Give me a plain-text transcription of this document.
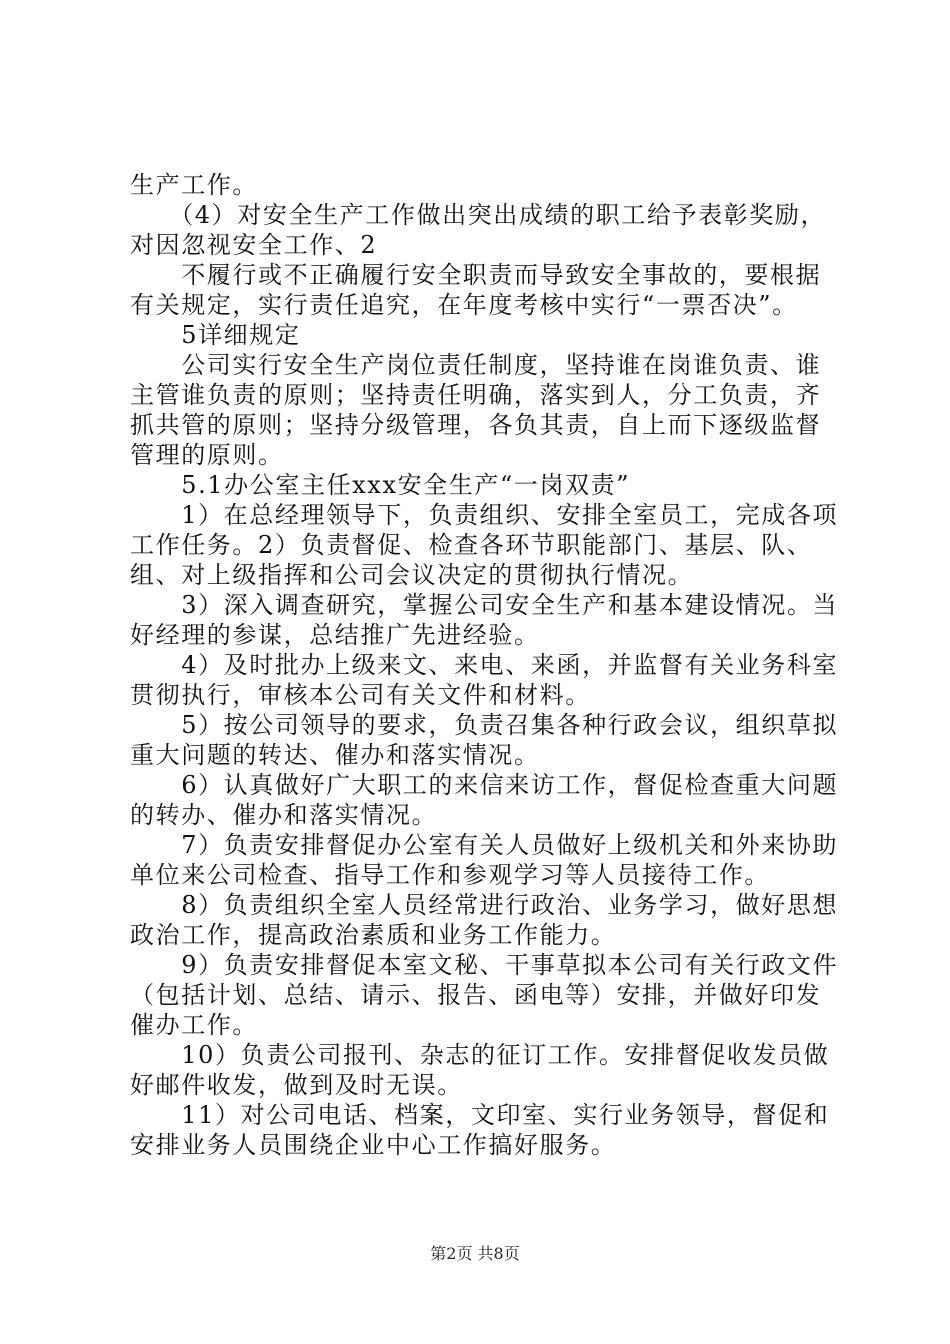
生产工作。

　　（4）对安全生产工作做出突出成绩的职工给予表彰奖励，对因忽视安全工作、2

　　不履行或不正确履行安全职责而导致安全事故的，要根据有关规定，实行责任追究，在年度考核中实行“一票否决”。

　　5详细规定

　　公司实行安全生产岗位责任制度，坚持谁在岗谁负责、谁主管谁负责的原则；坚持责任明确，落实到人，分工负责，齐抓共管的原则；坚持分级管理，各负其责，自上而下逐级监督管理的原则。

　　5.1办公室主任xxx安全生产“一岗双责”

　　1）在总经理领导下，负责组织、安排全室员工，完成各项工作任务。2）负责督促、检查各环节职能部门、基层、队、组、对上级指挥和公司会议决定的贯彻执行情况。

　　3）深入调查研究，掌握公司安全生产和基本建设情况。当好经理的参谋，总结推广先进经验。

　　4）及时批办上级来文、来电、来函，并监督有关业务科室贯彻执行，审核本公司有关文件和材料。

　　5）按公司领导的要求，负责召集各种行政会议，组织草拟重大问题的转达、催办和落实情况。

　　6）认真做好广大职工的来信来访工作，督促检查重大问题的转办、催办和落实情况。

　　7）负责安排督促办公室有关人员做好上级机关和外来协助单位来公司检查、指导工作和参观学习等人员接待工作。

　　8）负责组织全室人员经常进行政治、业务学习，做好思想政治工作，提高政治素质和业务工作能力。

　　9）负责安排督促本室文秘、干事草拟本公司有关行政文件（包括计划、总结、请示、报告、函电等）安排，并做好印发催办工作。

　　10）负责公司报刊、杂志的征订工作。安排督促收发员做好邮件收发，做到及时无误。

　　11）对公司电话、档案，文印室、实行业务领导，督促和安排业务人员围绕企业中心工作搞好服务。

第2页 共8页
